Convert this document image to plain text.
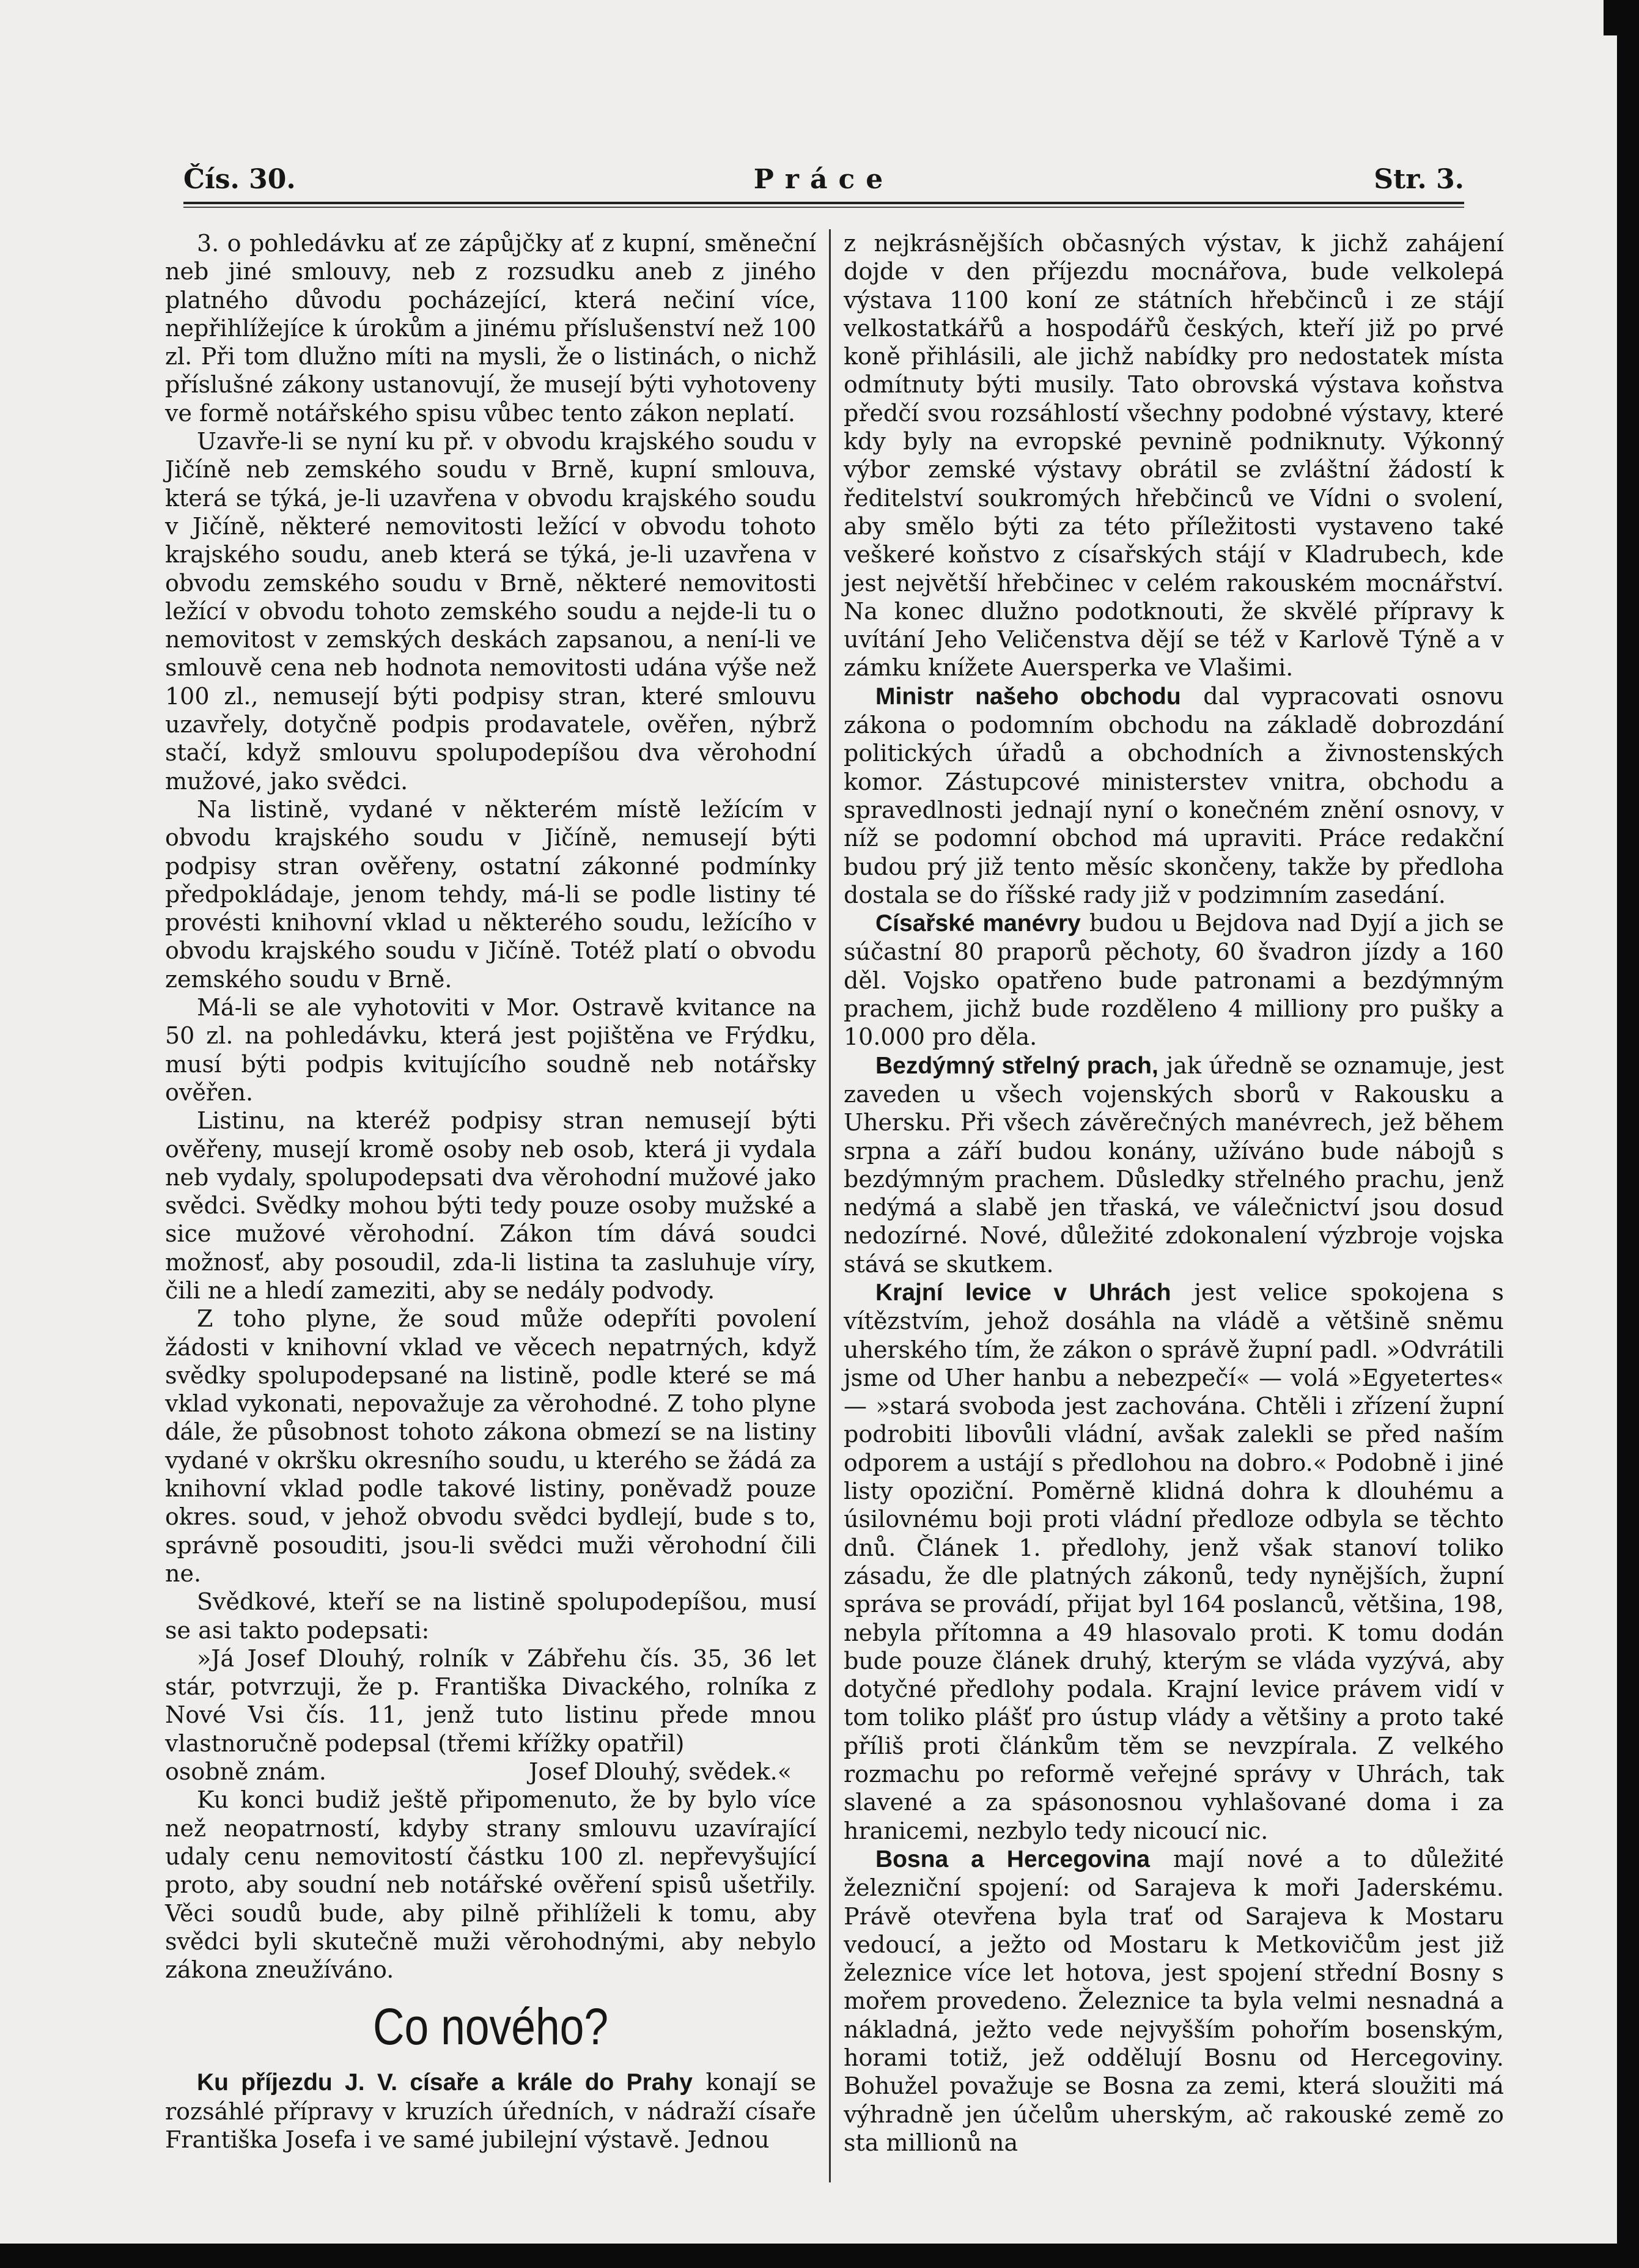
Práce
Čís. 30.	Str. 3.

3. o pohledávku ať ze zápůjčky ať z kupní, směneční neb jiné smlouvy, neb z rozsudku aneb z jiného platného důvodu pocházející, která nečiní více, nepřihlížejíce k úrokům a jinému příslušenství než 100 zl. Při tom dlužno míti na mysli, že o listinách, o nichž příslušné zákony ustanovují, že musejí býti vyhotoveny ve formě notářského spisu vůbec tento zákon neplatí.

Uzavře-li se nyní ku př. v obvodu krajského soudu v Jičíně neb zemského soudu v Brně, kupní smlouva, která se týká, je-li uzavřena v obvodu krajského soudu v Jičíně, některé nemovitosti ležící v obvodu tohoto krajského soudu, aneb která se týká, je-li uzavřena v obvodu zemského soudu v Brně, některé nemovitosti ležící v obvodu tohoto zemského soudu a nejde-li tu o nemovitost v zemských deskách zapsanou, a není-li ve smlouvě cena neb hodnota nemovitosti udána výše než 100 zl., nemusejí býti podpisy stran, které smlouvu uzavřely, dotyčně podpis prodavatele, ověřen, nýbrž stačí, když smlouvu spolupodepíšou dva věrohodní mužové, jako svědci.

Na listině, vydané v některém místě ležícím v obvodu krajského soudu v Jičíně, nemusejí býti podpisy stran ověřeny, ostatní zákonné podmínky předpokládaje, jenom tehdy, má-li se podle listiny té provésti knihovní vklad u některého soudu, ležícího v obvodu krajského soudu v Jičíně. Totéž platí o obvodu zemského soudu v Brně.

Má-li se ale vyhotoviti v Mor. Ostravě kvitance na 50 zl. na pohledávku, která jest pojištěna ve Frýdku, musí býti podpis kvitujícího soudně neb notářsky ověřen.

Listinu, na kteréž podpisy stran nemusejí býti ověřeny, musejí kromě osoby neb osob, která ji vydala neb vydaly, spolupodepsati dva věrohodní mužové jako svědci. Svědky mohou býti tedy pouze osoby mužské a sice mužové věrohodní. Zákon tím dává soudci možnosť, aby posoudil, zda-li listina ta zasluhuje víry, čili ne a hledí zameziti, aby se nedály podvody.

Z toho plyne, že soud může odepříti povolení žádosti v knihovní vklad ve věcech nepatrných, když svědky spolupodepsané na listině, podle které se má vklad vykonati, nepovažuje za věrohodné. Z toho plyne dále, že působnost tohoto zákona obmezí se na listiny vydané v okršku okresního soudu, u kterého se žádá za knihovní vklad podle takové listiny, poněvadž pouze okres. soud, v jehož obvodu svědci bydlejí, bude s to, správně posouditi, jsou-li svědci muži věrohodní čili ne.

Svědkové, kteří se na listině spolupodepíšou, musí se asi takto podepsati:

»Já Josef Dlouhý, rolník v Zábřehu čís. 35, 36 let stár, potvrzuji, že p. Františka Divackého, rolníka z Nové Vsi čís. 11, jenž tuto listinu přede mnou vlastnoručně podepsal (třemi křížky opatřil)

osobně znám.	Josef Dlouhý, svědek.«

Ku konci budiž ještě připomenuto, že by bylo více než neopatrností, kdyby strany smlouvu uzavírající udaly cenu nemovitostí částku 100 zl. nepřevyšující proto, aby soudní neb notářské ověření spisů ušetřily. Věci soudů bude, aby pilně přihlíželi k tomu, aby svědci byli skutečně muži věrohodnými, aby nebylo zákona zneužíváno.

Co nového?

Ku příjezdu J. V. císaře a krále do Prahy konají se rozsáhlé přípravy v kruzích úředních, v nádraží císaře Františka Josefa i ve samé jubilejní výstavě. Jednou

z nejkrásnějších občasných výstav, k jichž zahájení dojde v den příjezdu mocnářova, bude velkolepá výstava 1100 koní ze státních hřebčinců i ze stájí velkostatkářů a hospodářů českých, kteří již po prvé koně přihlásili, ale jichž nabídky pro nedostatek místa odmítnuty býti musily. Tato obrovská výstava koňstva předčí svou rozsáhlostí všechny podobné výstavy, které kdy byly na evropské pevnině podniknuty. Výkonný výbor zemské výstavy obrátil se zvláštní žádostí k ředitelství soukromých hřebčinců ve Vídni o svolení, aby smělo býti za této příležitosti vystaveno také veškeré koňstvo z císařských stájí v Kladrubech, kde jest největší hřebčinec v celém rakouském mocnářství. Na konec dlužno podotknouti, že skvělé přípravy k uvítání Jeho Veličenstva dějí se též v Karlově Týně a v zámku knížete Auersperka ve Vlašimi.

Ministr našeho obchodu dal vypracovati osnovu zákona o podomním obchodu na základě dobrozdání politických úřadů a obchodních a živnostenských komor. Zástupcové ministerstev vnitra, obchodu a spravedlnosti jednají nyní o konečném znění osnovy, v níž se podomní obchod má upraviti. Práce redakční budou prý již tento měsíc skončeny, takže by předloha dostala se do říšské rady již v podzimním zasedání.

Císařské manévry budou u Bejdova nad Dyjí a jich se súčastní 80 praporů pěchoty, 60 švadron jízdy a 160 děl. Vojsko opatřeno bude patronami a bezdýmným prachem, jichž bude rozděleno 4 milliony pro pušky a 10.000 pro děla.

Bezdýmný střelný prach, jak úředně se oznamuje, jest zaveden u všech vojenských sborů v Rakousku a Uhersku. Při všech závěrečných manévrech, jež během srpna a září budou konány, užíváno bude nábojů s bezdýmným prachem. Důsledky střelného prachu, jenž nedýmá a slabě jen třaská, ve válečnictví jsou dosud nedozírné. Nové, důležité zdokonalení výzbroje vojska stává se skutkem.

Krajní levice v Uhrách jest velice spokojena s vítězstvím, jehož dosáhla na vládě a většině sněmu uherského tím, že zákon o správě župní padl. »Odvrátili jsme od Uher hanbu a nebezpečí« — volá »Egyetertes« — »stará svoboda jest zachována. Chtěli i zřízení župní podrobiti libovůli vládní, avšak zalekli se před naším odporem a ustájí s předlohou na dobro.« Podobně i jiné listy opoziční. Poměrně klidná dohra k dlouhému a úsilovnému boji proti vládní předloze odbyla se těchto dnů. Článek 1. předlohy, jenž však stanoví toliko zásadu, že dle platných zákonů, tedy nynějších, župní správa se provádí, přijat byl 164 poslanců, většina, 198, nebyla přítomna a 49 hlasovalo proti. K tomu dodán bude pouze článek druhý, kterým se vláda vyzývá, aby dotyčné předlohy podala. Krajní levice právem vidí v tom toliko plášť pro ústup vlády a většiny a proto také příliš proti článkům těm se nevzpírala. Z velkého rozmachu po reformě veřejné správy v Uhrách, tak slavené a za spásonosnou vyhlašované doma i za hranicemi, nezbylo tedy nicoucí nic.

Bosna a Hercegovina mají nové a to důležité železniční spojení: od Sarajeva k moři Jaderskému. Právě otevřena byla trať od Sarajeva k Mostaru vedoucí, a ježto od Mostaru k Metkovičům jest již železnice více let hotova, jest spojení střední Bosny s mořem provedeno. Železnice ta byla velmi nesnadná a nákladná, ježto vede nejvyšším pohořím bosenským, horami totiž, jež oddělují Bosnu od Hercegoviny. Bohužel považuje se Bosna za zemi, která sloužiti má výhradně jen účelům uherským, ač rakouské země zo sta millionů na
